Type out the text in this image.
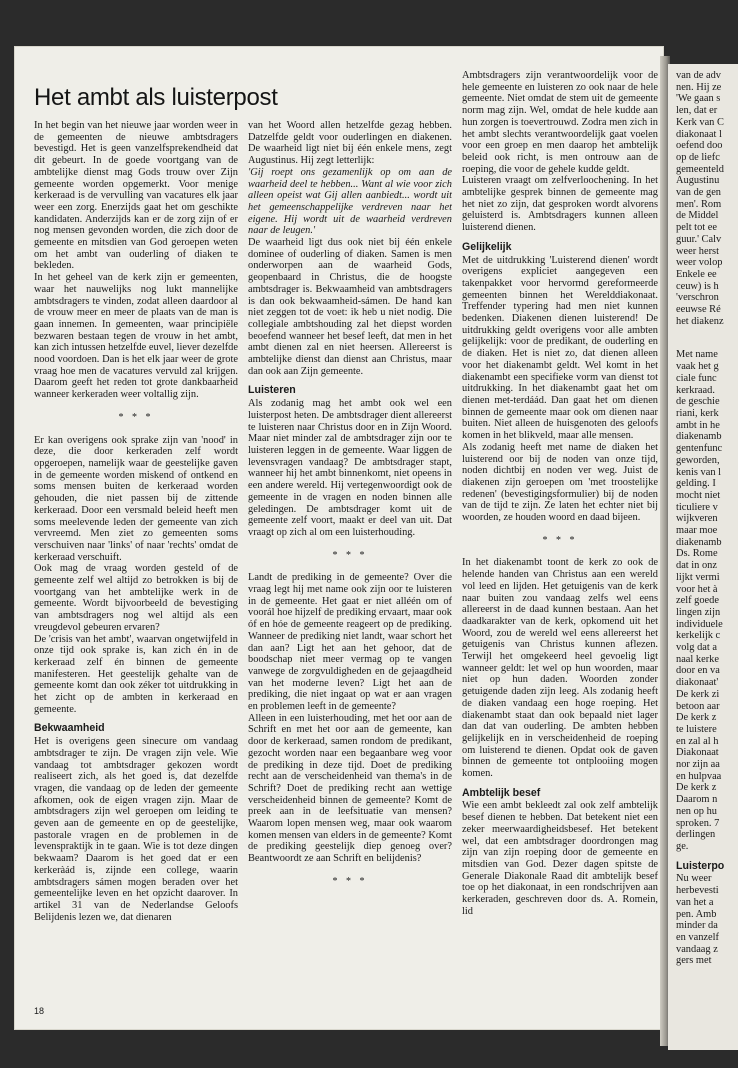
Het ambt als luisterpost

In het begin van het nieuwe jaar worden weer in de gemeenten de nieuwe ambtsdragers bevestigd. Het is geen vanzelfsprekendheid dat dit gebeurt. In de goede voortgang van de ambtelijke dienst mag Gods trouw over Zijn gemeente worden opgemerkt. Voor menige kerkeraad is de vervulling van vacatures elk jaar weer een zorg. Enerzijds gaat het om geschikte kandidaten. Anderzijds kan er de zorg zijn of er nog mensen gevonden worden, die zich door de gemeente en mitsdien van God geroepen weten om het ambt van ouderling of diaken te bekleden.

In het geheel van de kerk zijn er gemeenten, waar het nauwelijks nog lukt mannelijke ambtsdragers te vinden, zodat alleen daardoor al de vrouw meer en meer de plaats van de man is gaan innemen. In gemeenten, waar principiële bezwaren bestaan tegen de vrouw in het ambt, kan zich intussen hetzelfde euvel, liever dezelfde nood voordoen. Dan is het elk jaar weer de grote vraag hoe men de vacatures vervuld zal krijgen. Daarom geeft het reden tot grote dankbaarheid wanneer kerkeraden weer voltallig zijn.

* * *

Er kan overigens ook sprake zijn van 'nood' in deze, die door kerkeraden zelf wordt opgeroepen, namelijk waar de geestelijke gaven in de gemeente worden miskend of ontkend en soms mensen buiten de kerkeraad worden gehouden, die niet passen bij de zittende kerkeraad. Door een versmald beleid heeft men soms meelevende leden der gemeente van zich vervreemd. Men ziet zo gemeenten soms verschuiven naar 'links' of naar 'rechts' omdat de kerkeraad verschuift.

Ook mag de vraag worden gesteld of de gemeente zelf wel altijd zo betrokken is bij de voortgang van het ambtelijke werk in de gemeente. Wordt bijvoorbeeld de bevestiging van ambtsdragers nog wel altijd als een vreugdevol gebeuren ervaren?

De 'crisis van het ambt', waarvan ongetwijfeld in onze tijd ook sprake is, kan zich én in de kerkeraad zelf én binnen de gemeente manifesteren. Het geestelijk gehalte van de gemeente komt dan ook zéker tot uitdrukking in het zicht op de ambten in kerkeraad en gemeente.

Bekwaamheid

Het is overigens geen sinecure om vandaag ambtsdrager te zijn. De vragen zijn vele. Wie vandaag tot ambtsdrager gekozen wordt realiseert zich, als het goed is, dat dezelfde vragen, die vandaag op de leden der gemeente afkomen, ook de eigen vragen zijn. Maar de ambtsdragers zijn wel geroepen om leiding te geven aan de gemeente en op de geestelijke, pastorale vragen en de problemen in de levenspraktijk in te gaan. Wie is tot deze dingen bekwaam? Daarom is het goed dat er een kerkeràád is, zijnde een college, waarin ambtsdragers sámen mogen beraden over het gemeentelijke leven en het opzicht daarover. In artikel 31 van de Nederlandse Geloofs Belijdenis lezen we, dat dienaren

van het Woord allen hetzelfde gezag hebben. Datzelfde geldt voor ouderlingen en diakenen. De waarheid ligt niet bij één enkele mens, zegt Augustinus. Hij zegt letterlijk:

'Gij roept ons gezamenlijk op om aan de waarheid deel te hebben... Want al wie voor zich alleen opeist wat Gij allen aanbiedt... wordt uit het gemeenschappelijke verdreven naar het eigene. Hij wordt uit de waarheid verdreven naar de leugen.'

De waarheid ligt dus ook niet bij één enkele dominee of ouderling of diaken. Samen is men onderworpen aan de waarheid Gods, geopenbaard in Christus, die de hoogste ambtsdrager is. Bekwaamheid van ambtsdragers is dan ook bekwaamheid-sámen. De hand kan niet zeggen tot de voet: ik heb u niet nodig. Die collegiale ambtshouding zal het diepst worden beoefend wanneer het besef leeft, dat men in het ambt dienen zal en niet heersen. Allereerst is ambtelijke dienst dan dienst aan Christus, maar dan ook aan Zijn gemeente.

Luisteren

Als zodanig mag het ambt ook wel een luisterpost heten. De ambtsdrager dient allereerst te luisteren naar Christus door en in Zijn Woord. Maar niet minder zal de ambtsdrager zijn oor te luisteren leggen in de gemeente. Waar liggen de levensvragen vandaag? De ambtsdrager stapt, wanneer hij het ambt binnenkomt, niet opeens in een andere wereld. Hij vertegenwoordigt ook de gemeente in de vragen en noden binnen alle geledingen. De ambtsdrager komt uit de gemeente zelf voort, maakt er deel van uit. Dat vraagt op zich al om een luisterhouding.

* * *

Landt de prediking in de gemeente? Over die vraag legt hij met name ook zijn oor te luisteren in de gemeente. Het gaat er niet alléén om of voorál hoe hijzelf de prediking ervaart, maar ook óf en hóe de gemeente reageert op de prediking. Wanneer de prediking niet landt, waar schort het dan aan? Ligt het aan het gehoor, dat de boodschap niet meer vermag op te vangen vanwege de zorgvuldigheden en de gejaagdheid van het moderne leven? Ligt het aan de prediking, die niet ingaat op wat er aan vragen en problemen leeft in de gemeente?

Alleen in een luisterhouding, met het oor aan de Schrift en met het oor aan de gemeente, kan door de kerkeraad, samen rondom de predikant, gezocht worden naar een begaanbare weg voor de prediking in deze tijd. Doet de prediking recht aan de verscheidenheid van thema's in de Schrift? Doet de prediking recht aan wettige verscheidenheid binnen de gemeente? Komt de preek aan in de leefsituatie van mensen? Waarom lopen mensen weg, maar ook waarom komen mensen van elders in de gemeente? Komt de prediking geestelijk diep genoeg over? Beantwoordt ze aan Schrift en belijdenis?

* * *

Ambtsdragers zijn verantwoordelijk voor de hele gemeente en luisteren zo ook naar de hele gemeente. Niet omdat de stem uit de gemeente norm mag zijn. Wel, omdat de hele kudde aan hun zorgen is toevertrouwd. Zodra men zich in het ambt slechts verantwoordelijk gaat voelen voor een groep en men daarop het ambtelijk beleid ook richt, is men ontrouw aan de roeping, die voor de gehele kudde geldt.

Luisteren vraagt om zelfverloochening. In het ambtelijke gesprek binnen de gemeente mag het niet zo zijn, dat gesproken wordt alvorens geluisterd is. Ambtsdragers kunnen alleen luisterend dienen.

Gelijkelijk

Met de uitdrukking 'Luisterend dienen' wordt overigens expliciet aangegeven een takenpakket voor hervormd gereformeerde gemeenten binnen het Werelddiakonaat. Treffender typering had men niet kunnen bedenken. Diakenen dienen luisterend! De uitdrukking geldt overigens voor alle ambten gelijkelijk: voor de predikant, de ouderling en de diaken. Het is niet zo, dat dienen alleen voor het diakenambt geldt. Wel komt in het diakenambt een specifieke vorm van dienst tot uitdrukking. In het diakenambt gaat het om dienen met-terdáád. Dan gaat het om dienen binnen de gemeente maar ook om dienen naar buiten. Niet alleen de huisgenoten des geloofs komen in het blikveld, maar alle mensen.

Als zodanig heeft met name de diaken het luisterend oor bij de noden van onze tijd, noden dichtbij en noden ver weg. Juist de diakenen zijn geroepen om 'met troostelijke redenen' (bevestigingsformulier) bij de noden van de tijd te zijn. Ze laten het echter niet bij woorden, ze houden woord en daad bijeen.

* * *

In het diakenambt toont de kerk zo ook de helende handen van Christus aan een wereld vol leed en lijden. Het getuigenis van de kerk naar buiten zou vandaag zelfs wel eens allereerst in de daad kunnen bestaan. Aan het daadkarakter van de kerk, opkomend uit het Woord, zou de wereld wel eens allereerst het getuigenis van Christus kunnen aflezen. Terwijl het omgekeerd heel gevoelig ligt wanneer geldt: let wel op hun woorden, maar niet op hun daden. Woorden zonder getuigende daden zijn leeg. Als zodanig heeft de diaken vandaag een hoge roeping. Het diakenambt staat dan ook bepaald niet lager dan dat van ouderling. De ambten hebben gelijkelijk en in verscheidenheid de roeping om luisterend te dienen. Opdat ook de gaven binnen de gemeente tot ontplooiing mogen komen.

Ambtelijk besef

Wie een ambt bekleedt zal ook zelf ambtelijk besef dienen te hebben. Dat betekent niet een zeker meerwaardigheidsbesef. Het betekent wel, dat een ambtsdrager doordrongen mag zijn van zijn roeping door de gemeente en mitsdien van God. Dezer dagen spitste de Generale Diakonale Raad dit ambtelijk besef toe op het diakonaat, in een rondschrijven aan kerkeraden, geschreven door ds. A. Romein, lid

van de adv
nen. Hij ze
'We gaan s
len, dat er
Kerk van C
diakonaat l
oefend doo
op de liefc
gemeenteld
Augustinu
van de gen
men'. Rom
de Middel
pelt tot ee
guur.' Calv
weer herst
weer volop
Enkele ee
ceuw) is h
'verschron
eeuwse Ré
het diakenz
Met name
vaak het g
ciale func
kerkraad.
de geschie
riani, kerk
ambt in he
diakenamb
gentenfunc
geworden,
kenis van l
gelding. I
mocht niet
ticuliere v
wijkveren
maar moe
diakenamb
Ds. Rome
dat in onz
lijkt vermi
voor het à
zelf goede
lingen zijn
individuele
kerkelijk c
volg dat a
naal kerke
door en va
diakonaat'
De kerk zi
betoon aar
De kerk z
te luistere
en zal al h
Diakonaat
nor zijn aa
en hulpvaa
De kerk z
Daarom n
nen op hu
sproken. 7
derlingen
ge.
Luisterpo
Nu weer
herbevesti
van het a
pen. Amb
minder da
en vanzelf
vandaag z
gers met
18
